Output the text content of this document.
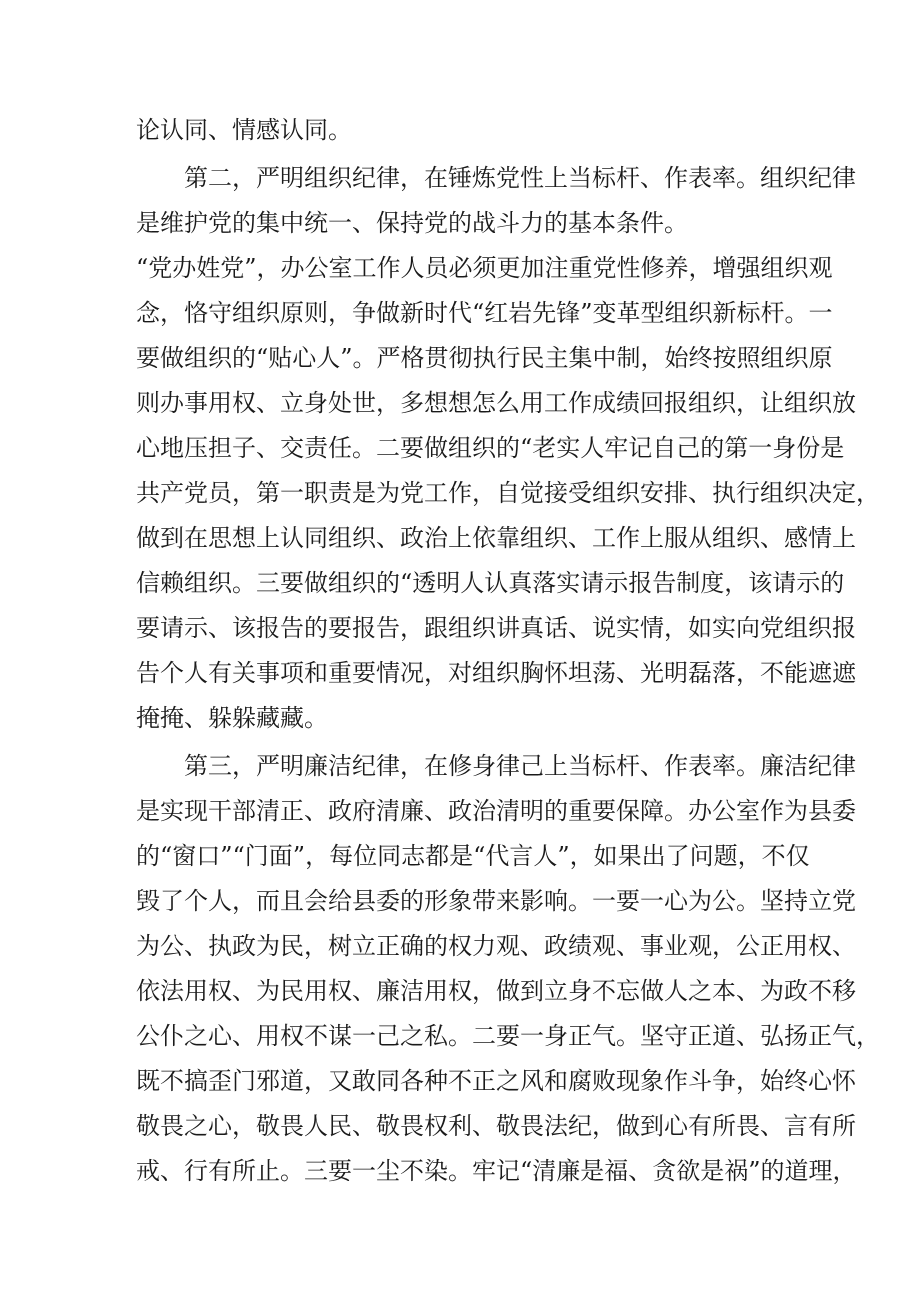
论认同、情感认同。
第二，严明组织纪律，在锤炼党性上当标杆、作表率。组织纪律
是维护党的集中统一、保持党的战斗力的基本条件。
“党办姓党”，办公室工作人员必须更加注重党性修养，增强组织观
念，恪守组织原则，争做新时代“红岩先锋”变革型组织新标杆。一
要做组织的“贴心人”。严格贯彻执行民主集中制，始终按照组织原
则办事用权、立身处世，多想想怎么用工作成绩回报组织，让组织放
心地压担子、交责任。二要做组织的“老实人牢记自己的第一身份是
共产党员，第一职责是为党工作，自觉接受组织安排、执行组织决定，
做到在思想上认同组织、政治上依靠组织、工作上服从组织、感情上
信赖组织。三要做组织的“透明人认真落实请示报告制度，该请示的
要请示、该报告的要报告，跟组织讲真话、说实情，如实向党组织报
告个人有关事项和重要情况，对组织胸怀坦荡、光明磊落，不能遮遮
掩掩、躲躲藏藏。
第三，严明廉洁纪律，在修身律己上当标杆、作表率。廉洁纪律
是实现干部清正、政府清廉、政治清明的重要保障。办公室作为县委
的“窗口”“门面”，每位同志都是“代言人”，如果出了问题，不仅
毁了个人，而且会给县委的形象带来影响。一要一心为公。坚持立党
为公、执政为民，树立正确的权力观、政绩观、事业观，公正用权、
依法用权、为民用权、廉洁用权，做到立身不忘做人之本、为政不移
公仆之心、用权不谋一己之私。二要一身正气。坚守正道、弘扬正气，
既不搞歪门邪道，又敢同各种不正之风和腐败现象作斗争，始终心怀
敬畏之心，敬畏人民、敬畏权利、敬畏法纪，做到心有所畏、言有所
戒、行有所止。三要一尘不染。牢记“清廉是福、贪欲是祸”的道理，
